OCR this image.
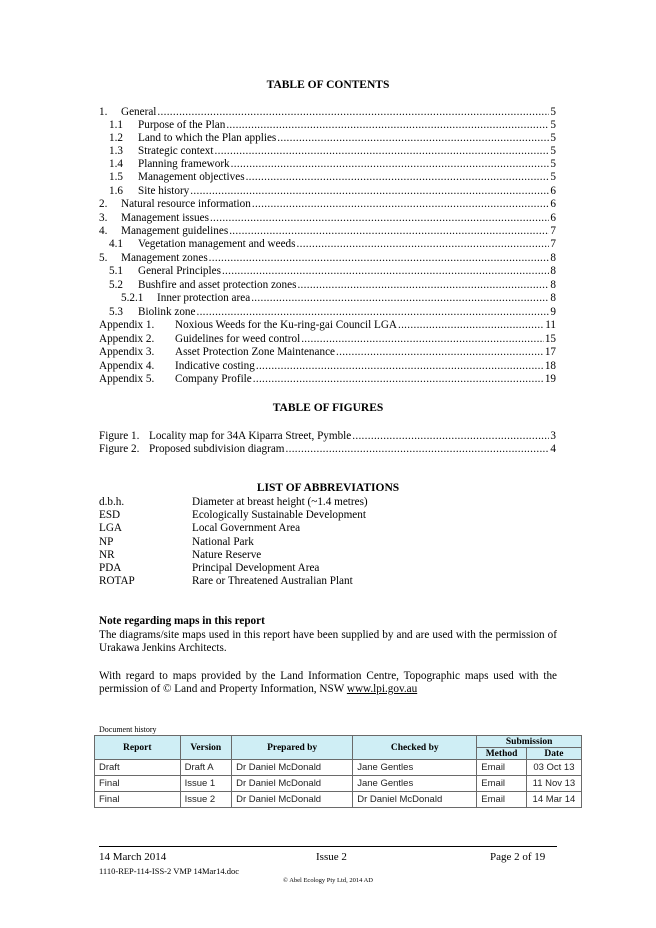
TABLE OF CONTENTS
1.	General .....	5
1.1	Purpose of the Plan .....	5
1.2	Land to which the Plan applies .....	5
1.3	Strategic context .....	5
1.4	Planning framework .....	5
1.5	Management objectives .....	5
1.6	Site history .....	6
2.	Natural resource information .....	6
3.	Management issues .....	6
4.	Management guidelines .....	7
4.1	Vegetation management and weeds .....	7
5.	Management zones .....	8
5.1	General Principles .....	8
5.2	Bushfire and asset protection zones .....	8
5.2.1	Inner protection area .....	8
5.3	Biolink zone .....	9
Appendix 1.	Noxious Weeds for the Ku-ring-gai Council LGA .....	11
Appendix 2.	Guidelines for weed control .....	15
Appendix 3.	Asset Protection Zone Maintenance .....	17
Appendix 4.	Indicative costing .....	18
Appendix 5.	Company Profile .....	19
TABLE OF FIGURES
Figure 1. Locality map for 34A Kiparra Street, Pymble .....	3
Figure 2. Proposed subdivision diagram .....	4
LIST OF ABBREVIATIONS
d.b.h.	Diameter at breast height (~1.4 metres)
ESD	Ecologically Sustainable Development
LGA	Local Government Area
NP	National Park
NR	Nature Reserve
PDA	Principal Development Area
ROTAP	Rare or Threatened Australian Plant
Note regarding maps in this report
The diagrams/site maps used in this report have been supplied by and are used with the permission of Urakawa Jenkins Architects.
With regard to maps provided by the Land Information Centre, Topographic maps used with the permission of © Land and Property Information, NSW www.lpi.gov.au
Document history
Report	Version	Prepared by	Checked by	Submission	
				Method	Date
Draft	Draft A	Dr Daniel McDonald	Jane Gentles	Email	03 Oct 13
Final	Issue 1	Dr Daniel McDonald	Jane Gentles	Email	11 Nov 13
Final	Issue 2	Dr Daniel McDonald	Dr Daniel McDonald	Email	14 Mar 14
14 March 2014	Issue 2	Page 2 of 19
1110-REP-114-ISS-2 VMP 14Mar14.doc
© Abel Ecology Pty Ltd, 2014 AD
